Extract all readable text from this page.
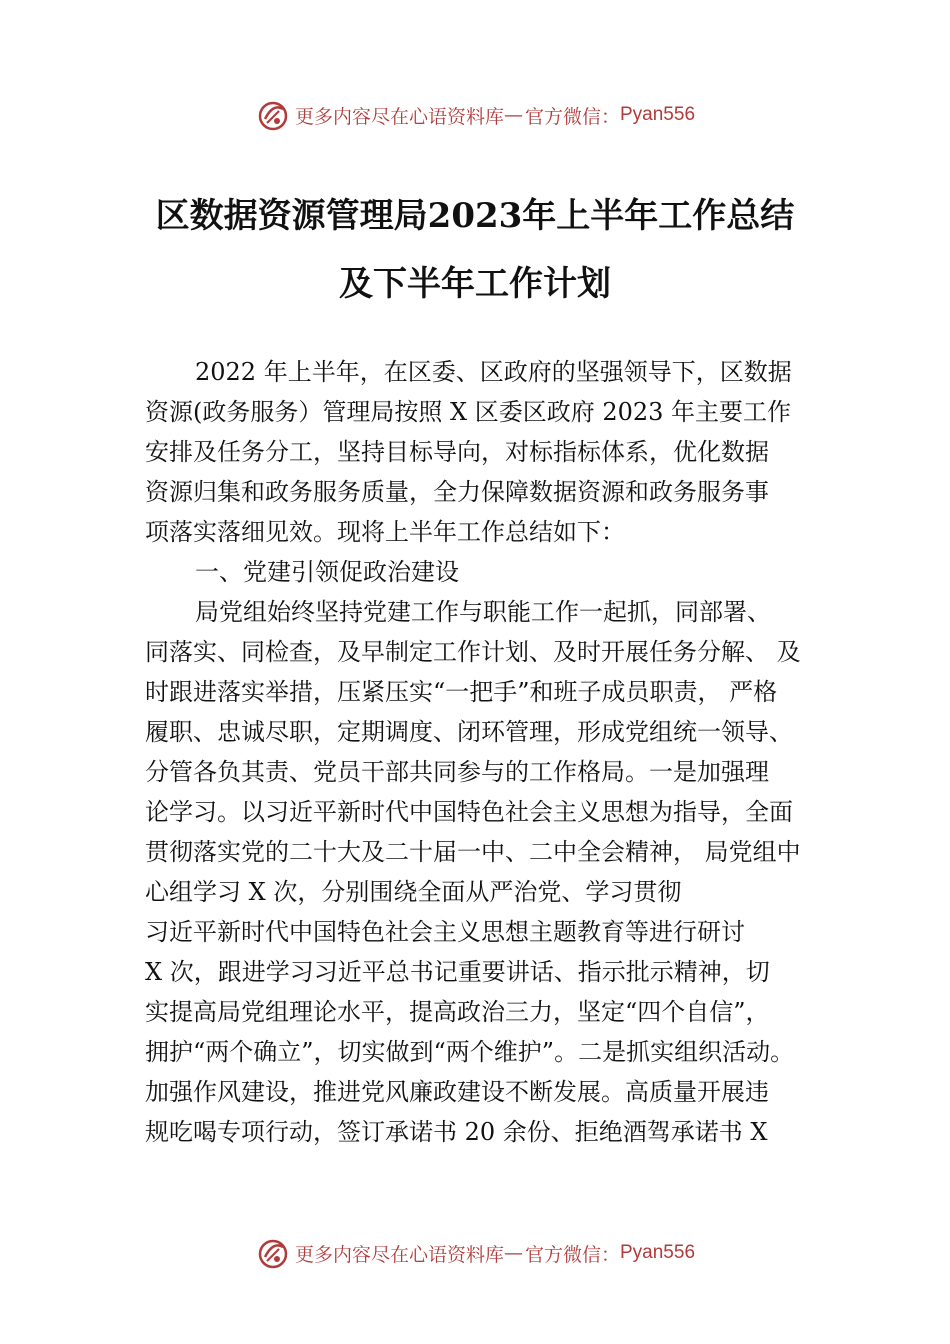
更多内容尽在心语资料库 — 官方微信： Pyan556
区数据资源管理局2023年上半年工作总结
及下半年工作计划
2022 年上半年，在区委、区政府的坚强领导下，区数据
资源(政务服务）管理局按照 X 区委区政府 2023 年主要工作
安排及任务分工，坚持目标导向，对标指标体系，优化数据
资源归集和政务服务质量，全力保障数据资源和政务服务事
项落实落细见效。现将上半年工作总结如下：
一、党建引领促政治建设
局党组始终坚持党建工作与职能工作一起抓，同部署、
同落实、同检查，及早制定工作计划、及时开展任务分解、 及
时跟进落实举措，压紧压实“一把手”和班子成员职责， 严格
履职、忠诚尽职，定期调度、闭环管理，形成党组统一领导、
分管各负其责、党员干部共同参与的工作格局。一是加强理
论学习。以习近平新时代中国特色社会主义思想为指导，全面
贯彻落实党的二十大及二十届一中、二中全会精神， 局党组中
心组学习 X 次，分别围绕全面从严治党、学习贯彻
习近平新时代中国特色社会主义思想主题教育等进行研讨
X 次，跟进学习习近平总书记重要讲话、指示批示精神，切
实提高局党组理论水平，提高政治三力，坚定“四个自信”，
拥护“两个确立”，切实做到“两个维护”。二是抓实组织活动。
加强作风建设，推进党风廉政建设不断发展。高质量开展违
规吃喝专项行动，签订承诺书 20 余份、拒绝酒驾承诺书 X
更多内容尽在心语资料库 — 官方微信： Pyan556
